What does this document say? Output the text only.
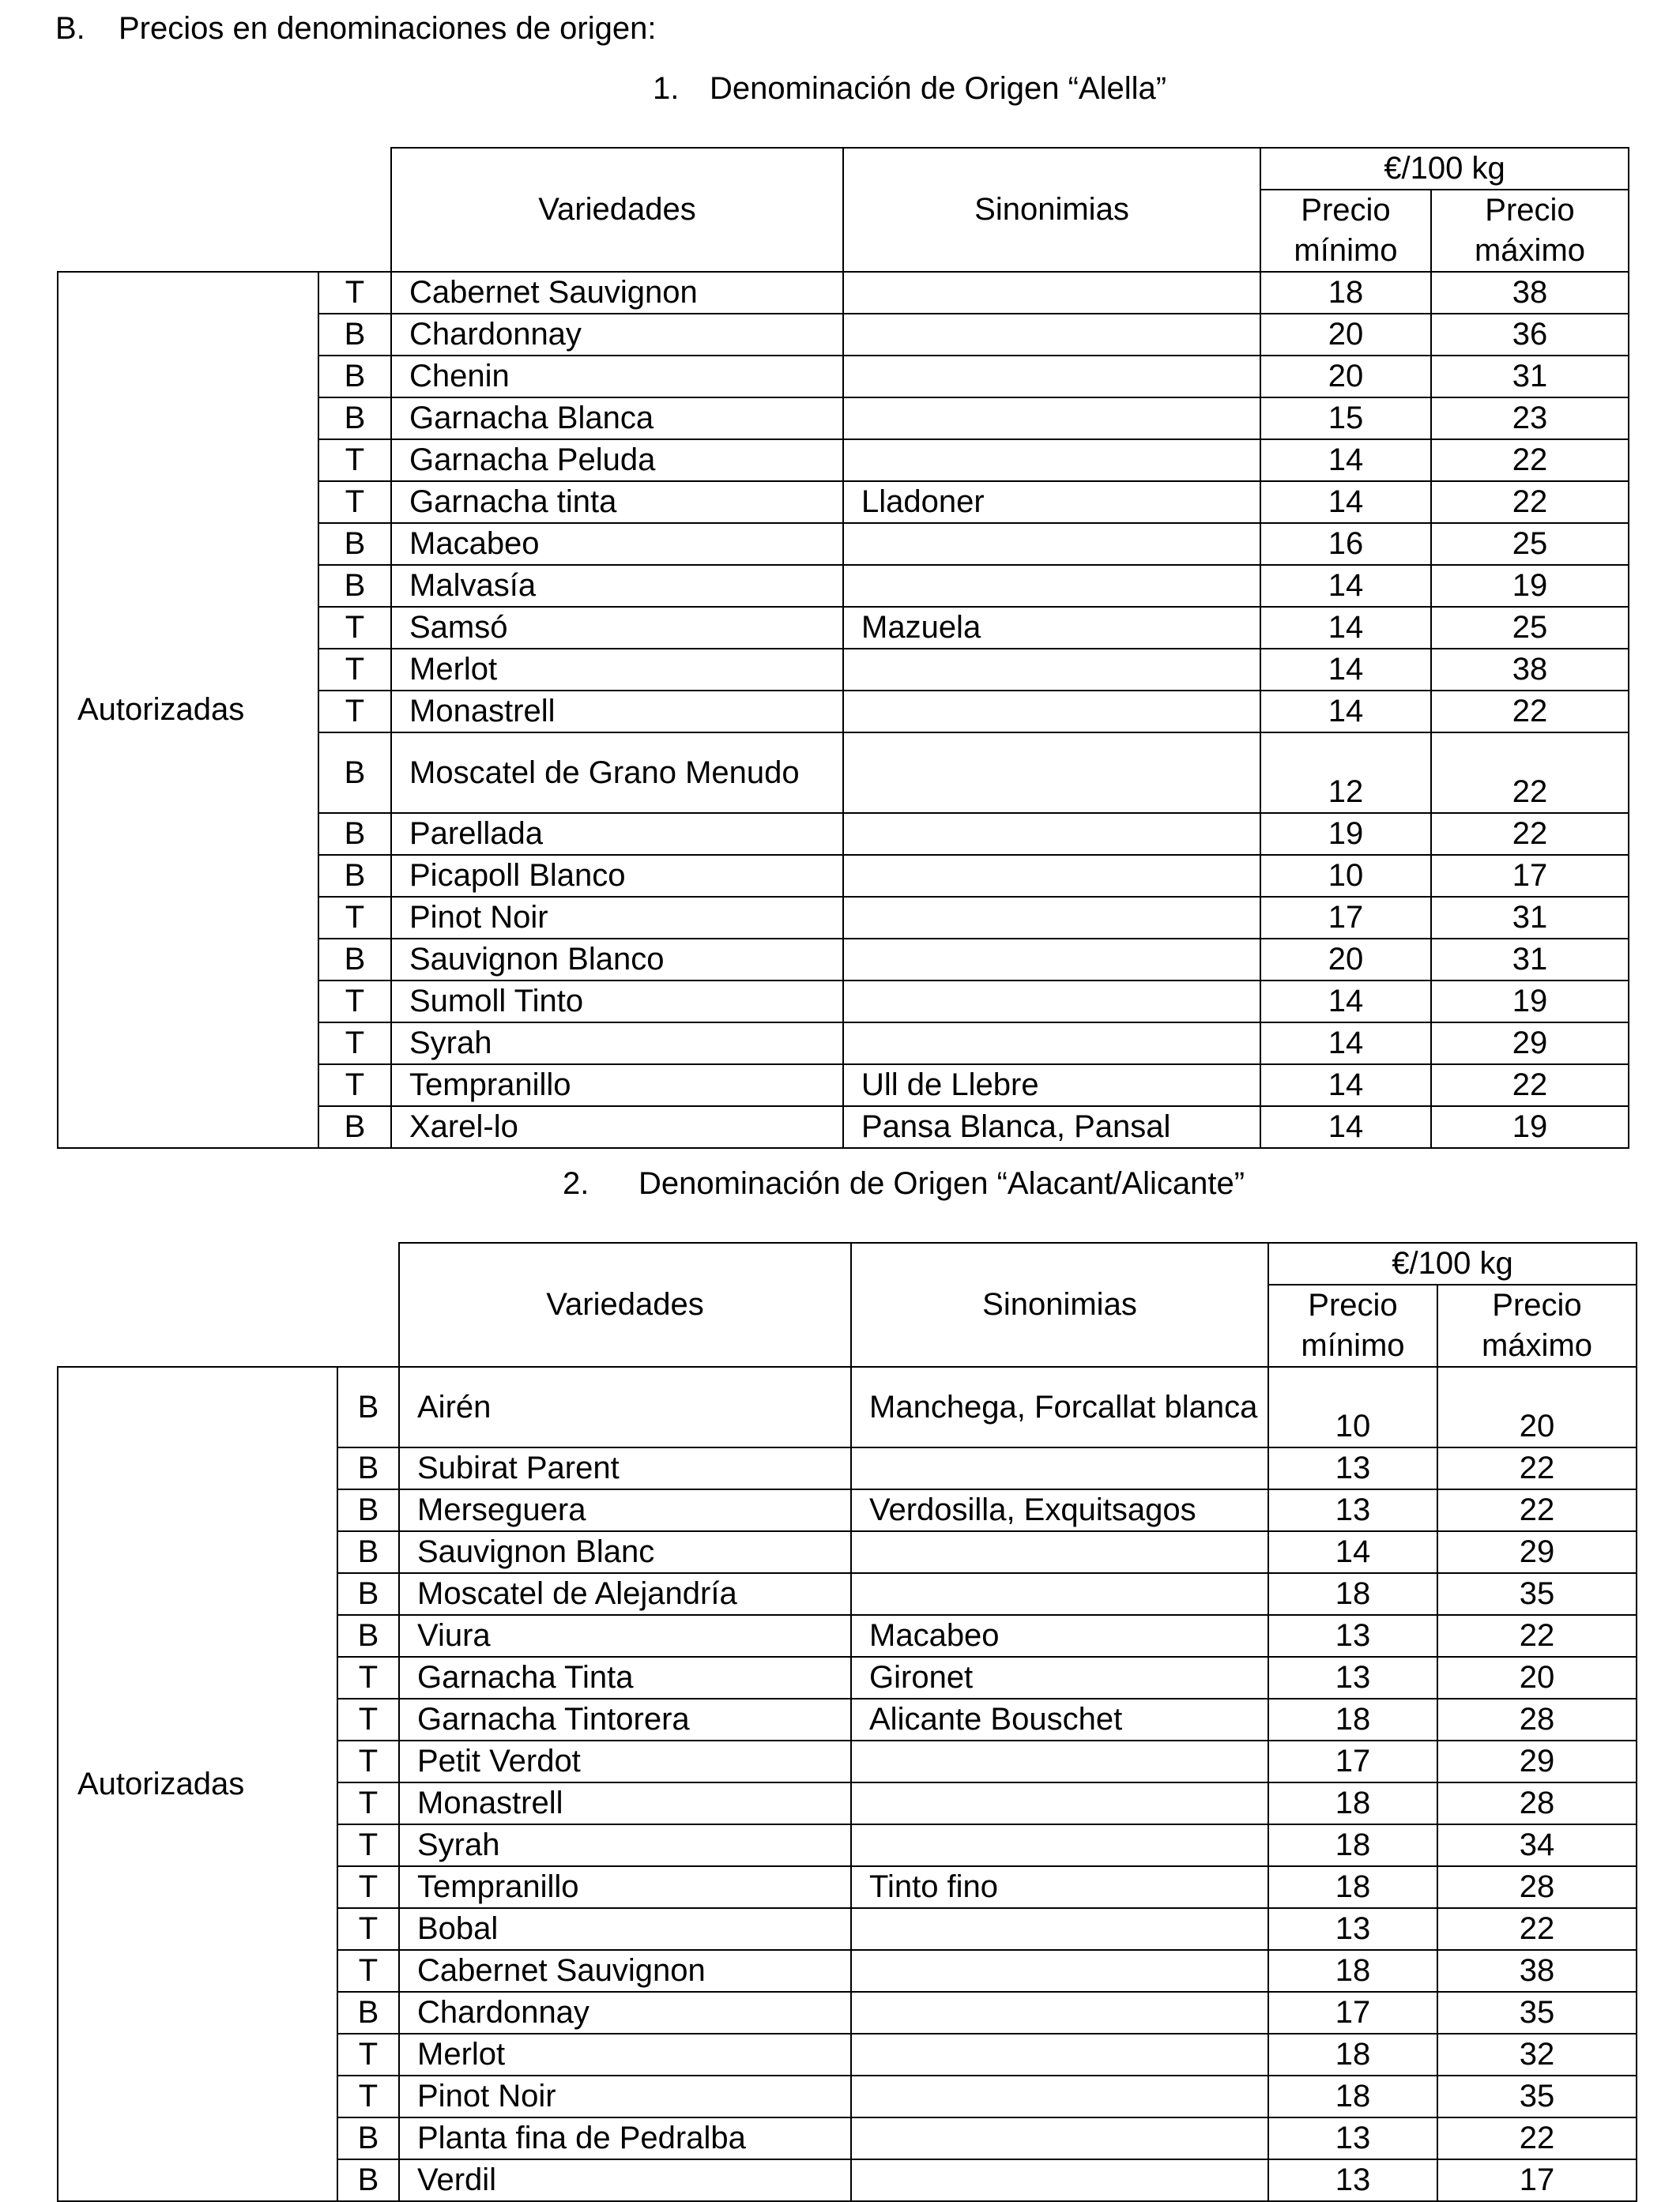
B. Precios en denominaciones de origen:
1. Denominación de Origen “Alella”
		Variedades	Sinonimias	€/100 kg	
				Precio mínimo	Precio máximo
Autorizadas	T	Cabernet Sauvignon		18	38
	B	Chardonnay		20	36
	B	Chenin		20	31
	B	Garnacha Blanca		15	23
	T	Garnacha Peluda		14	22
	T	Garnacha tinta	Lladoner	14	22
	B	Macabeo		16	25
	B	Malvasía		14	19
	T	Samsó	Mazuela	14	25
	T	Merlot		14	38
	T	Monastrell		14	22
	B	Moscatel de Grano Menudo		12	22
	B	Parellada		19	22
	B	Picapoll Blanco		10	17
	T	Pinot Noir		17	31
	B	Sauvignon Blanco		20	31
	T	Sumoll Tinto		14	19
	T	Syrah		14	29
	T	Tempranillo	Ull de Llebre	14	22
	B	Xarel-lo	Pansa Blanca, Pansal	14	19
2. Denominación de Origen “Alacant/Alicante”
		Variedades	Sinonimias	€/100 kg	
				Precio mínimo	Precio máximo
Autorizadas	B	Airén	Manchega, Forcallat blanca	10	20
	B	Subirat Parent		13	22
	B	Merseguera	Verdosilla, Exquitsagos	13	22
	B	Sauvignon Blanc		14	29
	B	Moscatel de Alejandría		18	35
	B	Viura	Macabeo	13	22
	T	Garnacha Tinta	Gironet	13	20
	T	Garnacha Tintorera	Alicante Bouschet	18	28
	T	Petit Verdot		17	29
	T	Monastrell		18	28
	T	Syrah		18	34
	T	Tempranillo	Tinto fino	18	28
	T	Bobal		13	22
	T	Cabernet Sauvignon		18	38
	B	Chardonnay		17	35
	T	Merlot		18	32
	T	Pinot Noir		18	35
	B	Planta fina de Pedralba		13	22
	B	Verdil		13	17
